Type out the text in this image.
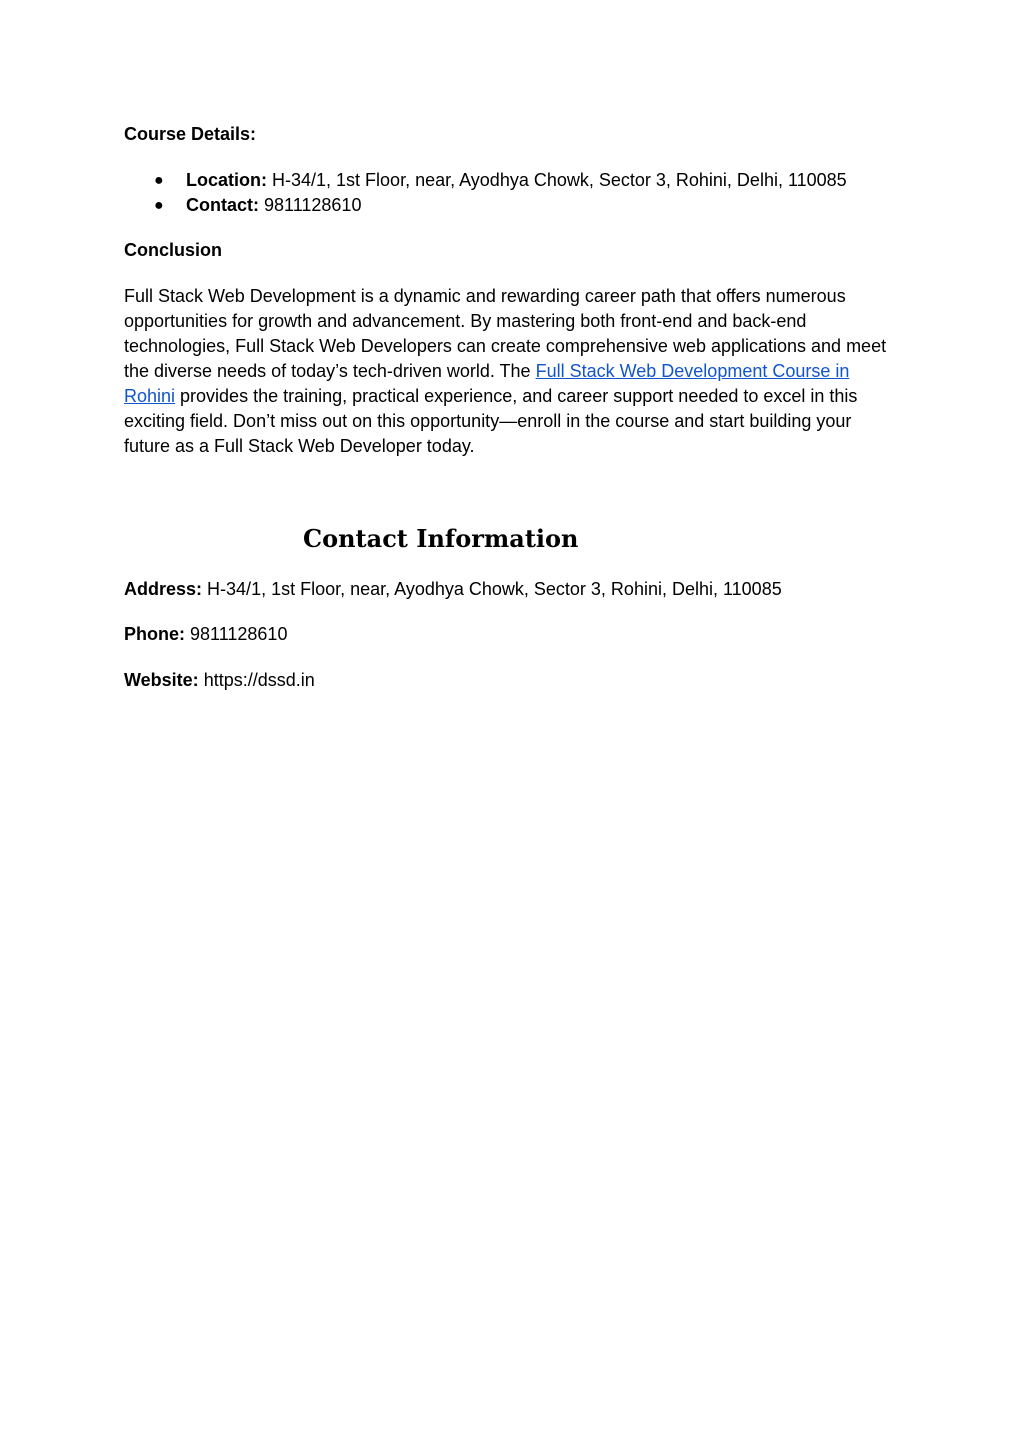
Course Details:

● Location: H-34/1, 1st Floor, near, Ayodhya Chowk, Sector 3, Rohini, Delhi, 110085
● Contact: 9811128610

Conclusion

Full Stack Web Development is a dynamic and rewarding career path that offers numerous opportunities for growth and advancement. By mastering both front-end and back-end technologies, Full Stack Web Developers can create comprehensive web applications and meet the diverse needs of today’s tech-driven world. The Full Stack Web Development Course in Rohini provides the training, practical experience, and career support needed to excel in this exciting field. Don’t miss out on this opportunity—enroll in the course and start building your future as a Full Stack Web Developer today.

Contact Information

Address: H-34/1, 1st Floor, near, Ayodhya Chowk, Sector 3, Rohini, Delhi, 110085

Phone: 9811128610

Website: https://dssd.in
